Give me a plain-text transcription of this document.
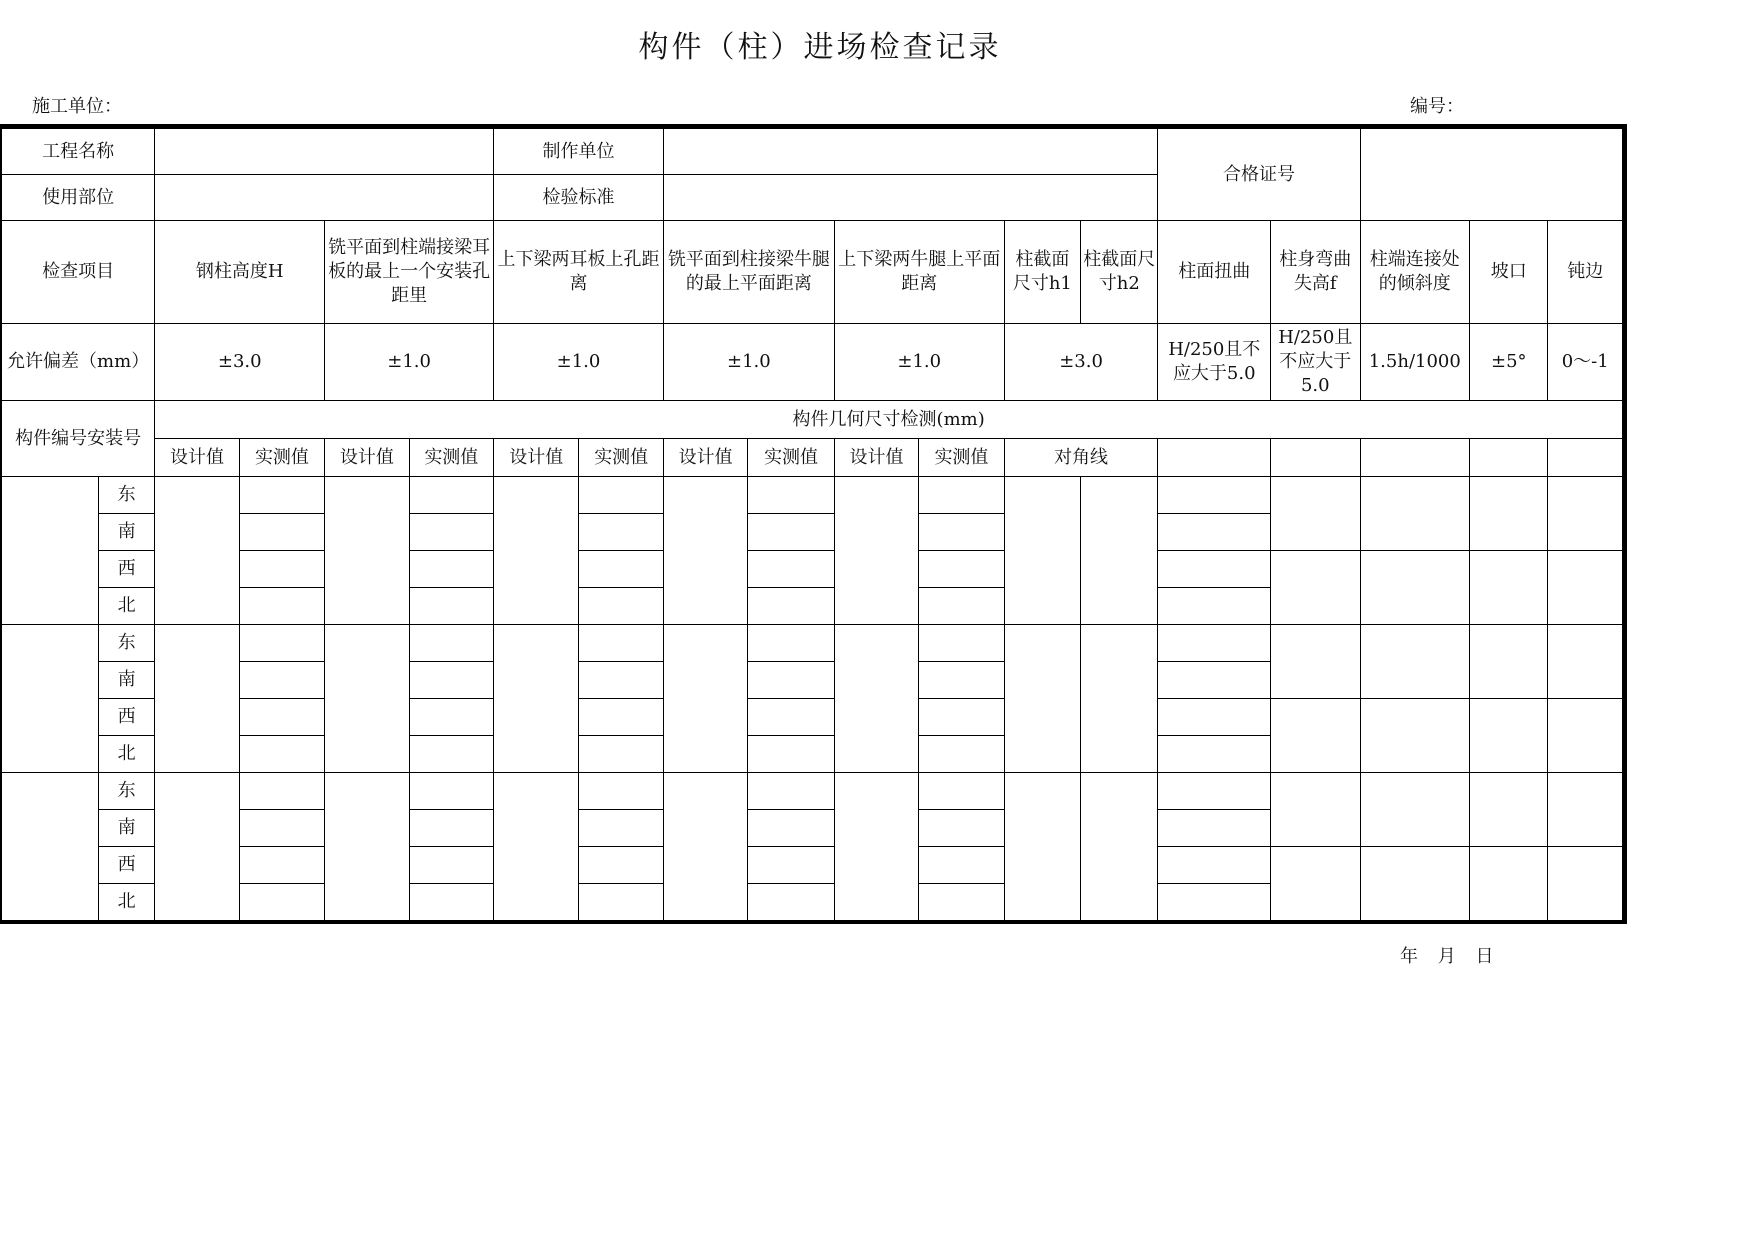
构件（柱）进场检查记录
施工单位：	编号：
工程名称						制作单位								合格证号				
使用部位						检验标准												
检查项目		钢柱高度H		铣平面到柱端接梁耳板的最上一个安装孔距里		上下梁两耳板上孔距离		铣平面到柱接梁牛腿的最上平面距离		上下梁两牛腿上平面距离		柱截面尺寸h1	柱截面尺寸h2	柱面扭曲	柱身弯曲失高f	柱端连接处的倾斜度	坡口	钝边
允许偏差（mm）		±3.0		±1.0		±1.0		±1.0		±1.0		±3.0		H/250且不应大于5.0	H/250且不应大于5.0	1.5h/1000	±5°	0～-1
构件编号安装号		构件几何尺寸检测(mm)																
		设计值	实测值	设计值	实测值	设计值	实测值	设计值	实测值	设计值	实测值	对角线						
	东																	
	南																	
	西																	
	北																	
	东																	
	南																	
	西																	
	北																	
	东																	
	南																	
	西																	
	北																	
年 月 日
